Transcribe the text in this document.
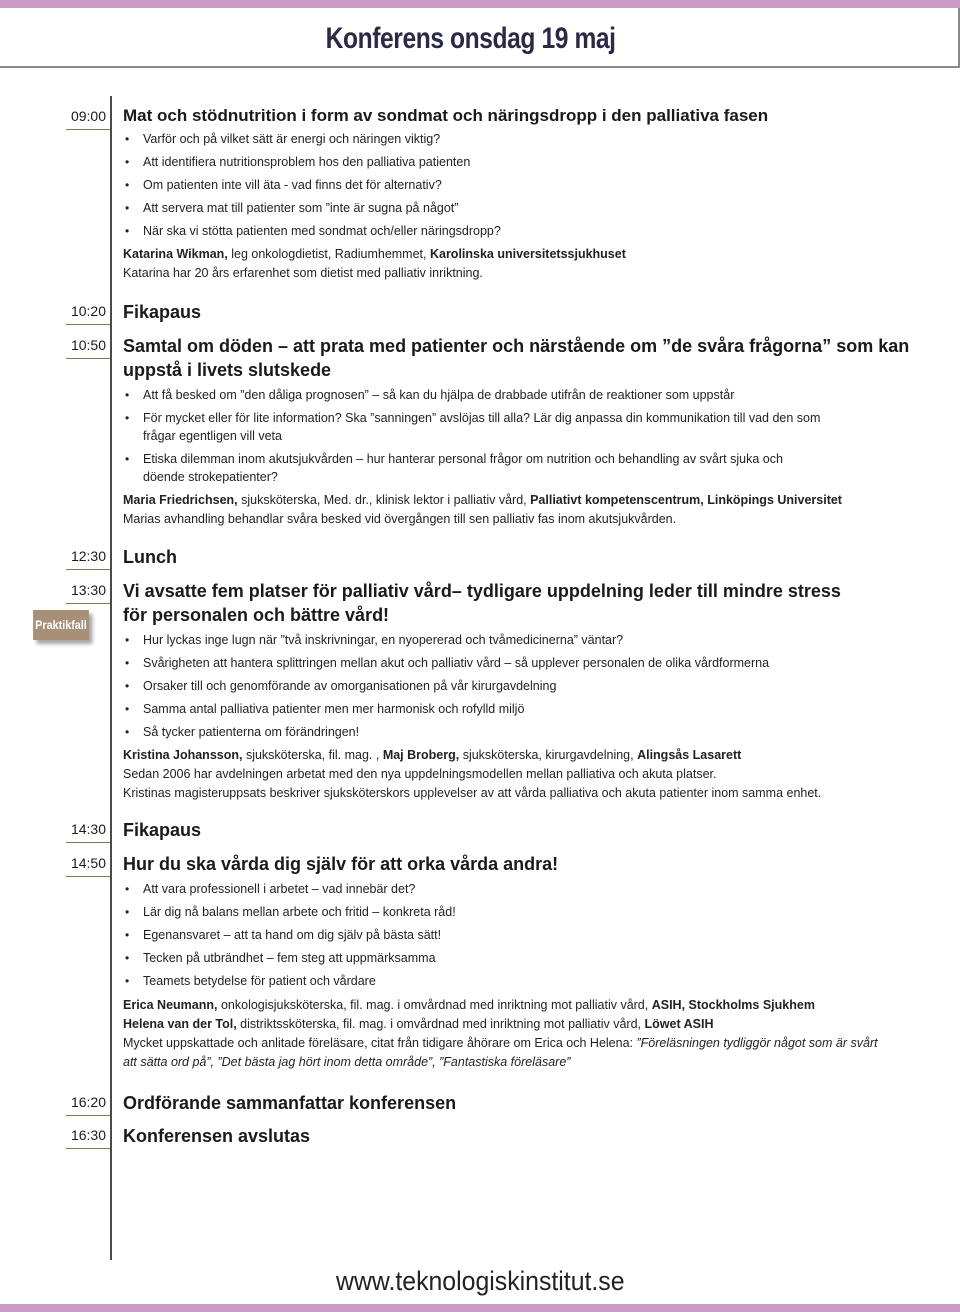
Konferens onsdag 19 maj
09:00
10:20
10:50
12:30
13:30
14:30
14:50
16:20
16:30
Praktikfall
Mat och stödnutrition i form av sondmat och näringsdropp i den palliativa fasen
• Varför och på vilket sätt är energi och näringen viktig?
• Att identifiera nutritionsproblem hos den palliativa patienten
• Om patienten inte vill äta - vad finns det för alternativ?
• Att servera mat till patienter som ”inte är sugna på något”
• När ska vi stötta patienten med sondmat och/eller näringsdropp?
Katarina Wikman, leg onkologdietist, Radiumhemmet, Karolinska universitetssjukhuset
Katarina har 20 års erfarenhet som dietist med palliativ inriktning.
Fikapaus
Samtal om döden – att prata med patienter och närstående om ”de svåra frågorna” som kan
uppstå i livets slutskede
• Att få besked om ”den dåliga prognosen” – så kan du hjälpa de drabbade utifrån de reaktioner som uppstår
• För mycket eller för lite information? Ska ”sanningen” avslöjas till alla? Lär dig anpassa din kommunikation till vad den som frågar egentligen vill veta
• Etiska dilemman inom akutsjukvården – hur hanterar personal frågor om nutrition och behandling av svårt sjuka och döende strokepatienter?
Maria Friedrichsen, sjuksköterska, Med. dr., klinisk lektor i palliativ vård, Palliativt kompetenscentrum, Linköpings Universitet
Marias avhandling behandlar svåra besked vid övergången till sen palliativ fas inom akutsjukvården.
Lunch
Vi avsatte fem platser för palliativ vård– tydligare uppdelning leder till mindre stress
för personalen och bättre vård!
• Hur lyckas inge lugn när ”två inskrivningar, en nyopererad och tvåmedicinerna” väntar?
• Svårigheten att hantera splittringen mellan akut och palliativ vård – så upplever personalen de olika vårdformerna
• Orsaker till och genomförande av omorganisationen på vår kirurgavdelning
• Samma antal palliativa patienter men mer harmonisk och rofylld miljö
• Så tycker patienterna om förändringen!
Kristina Johansson, sjuksköterska, fil. mag. , Maj Broberg, sjuksköterska, kirurgavdelning, Alingsås Lasarett
Sedan 2006 har avdelningen arbetat med den nya uppdelningsmodellen mellan palliativa och akuta platser.
Kristinas magisteruppsats beskriver sjuksköterskors upplevelser av att vårda palliativa och akuta patienter inom samma enhet.
Fikapaus
Hur du ska vårda dig själv för att orka vårda andra!
• Att vara professionell i arbetet – vad innebär det?
• Lär dig nå balans mellan arbete och fritid – konkreta råd!
• Egenansvaret – att ta hand om dig själv på bästa sätt!
• Tecken på utbrändhet – fem steg att uppmärksamma
• Teamets betydelse för patient och vårdare
Erica Neumann, onkologisjuksköterska, fil. mag. i omvårdnad med inriktning mot palliativ vård, ASIH, Stockholms Sjukhem
Helena van der Tol, distriktssköterska, fil. mag. i omvårdnad med inriktning mot palliativ vård, Löwet ASIH
Mycket uppskattade och anlitade föreläsare, citat från tidigare åhörare om Erica och Helena: ”Föreläsningen tydliggör något som är svårt att sätta ord på”, ”Det bästa jag hört inom detta område”, ”Fantastiska föreläsare”
Ordförande sammanfattar konferensen
Konferensen avslutas
www.teknologiskinstitut.se
